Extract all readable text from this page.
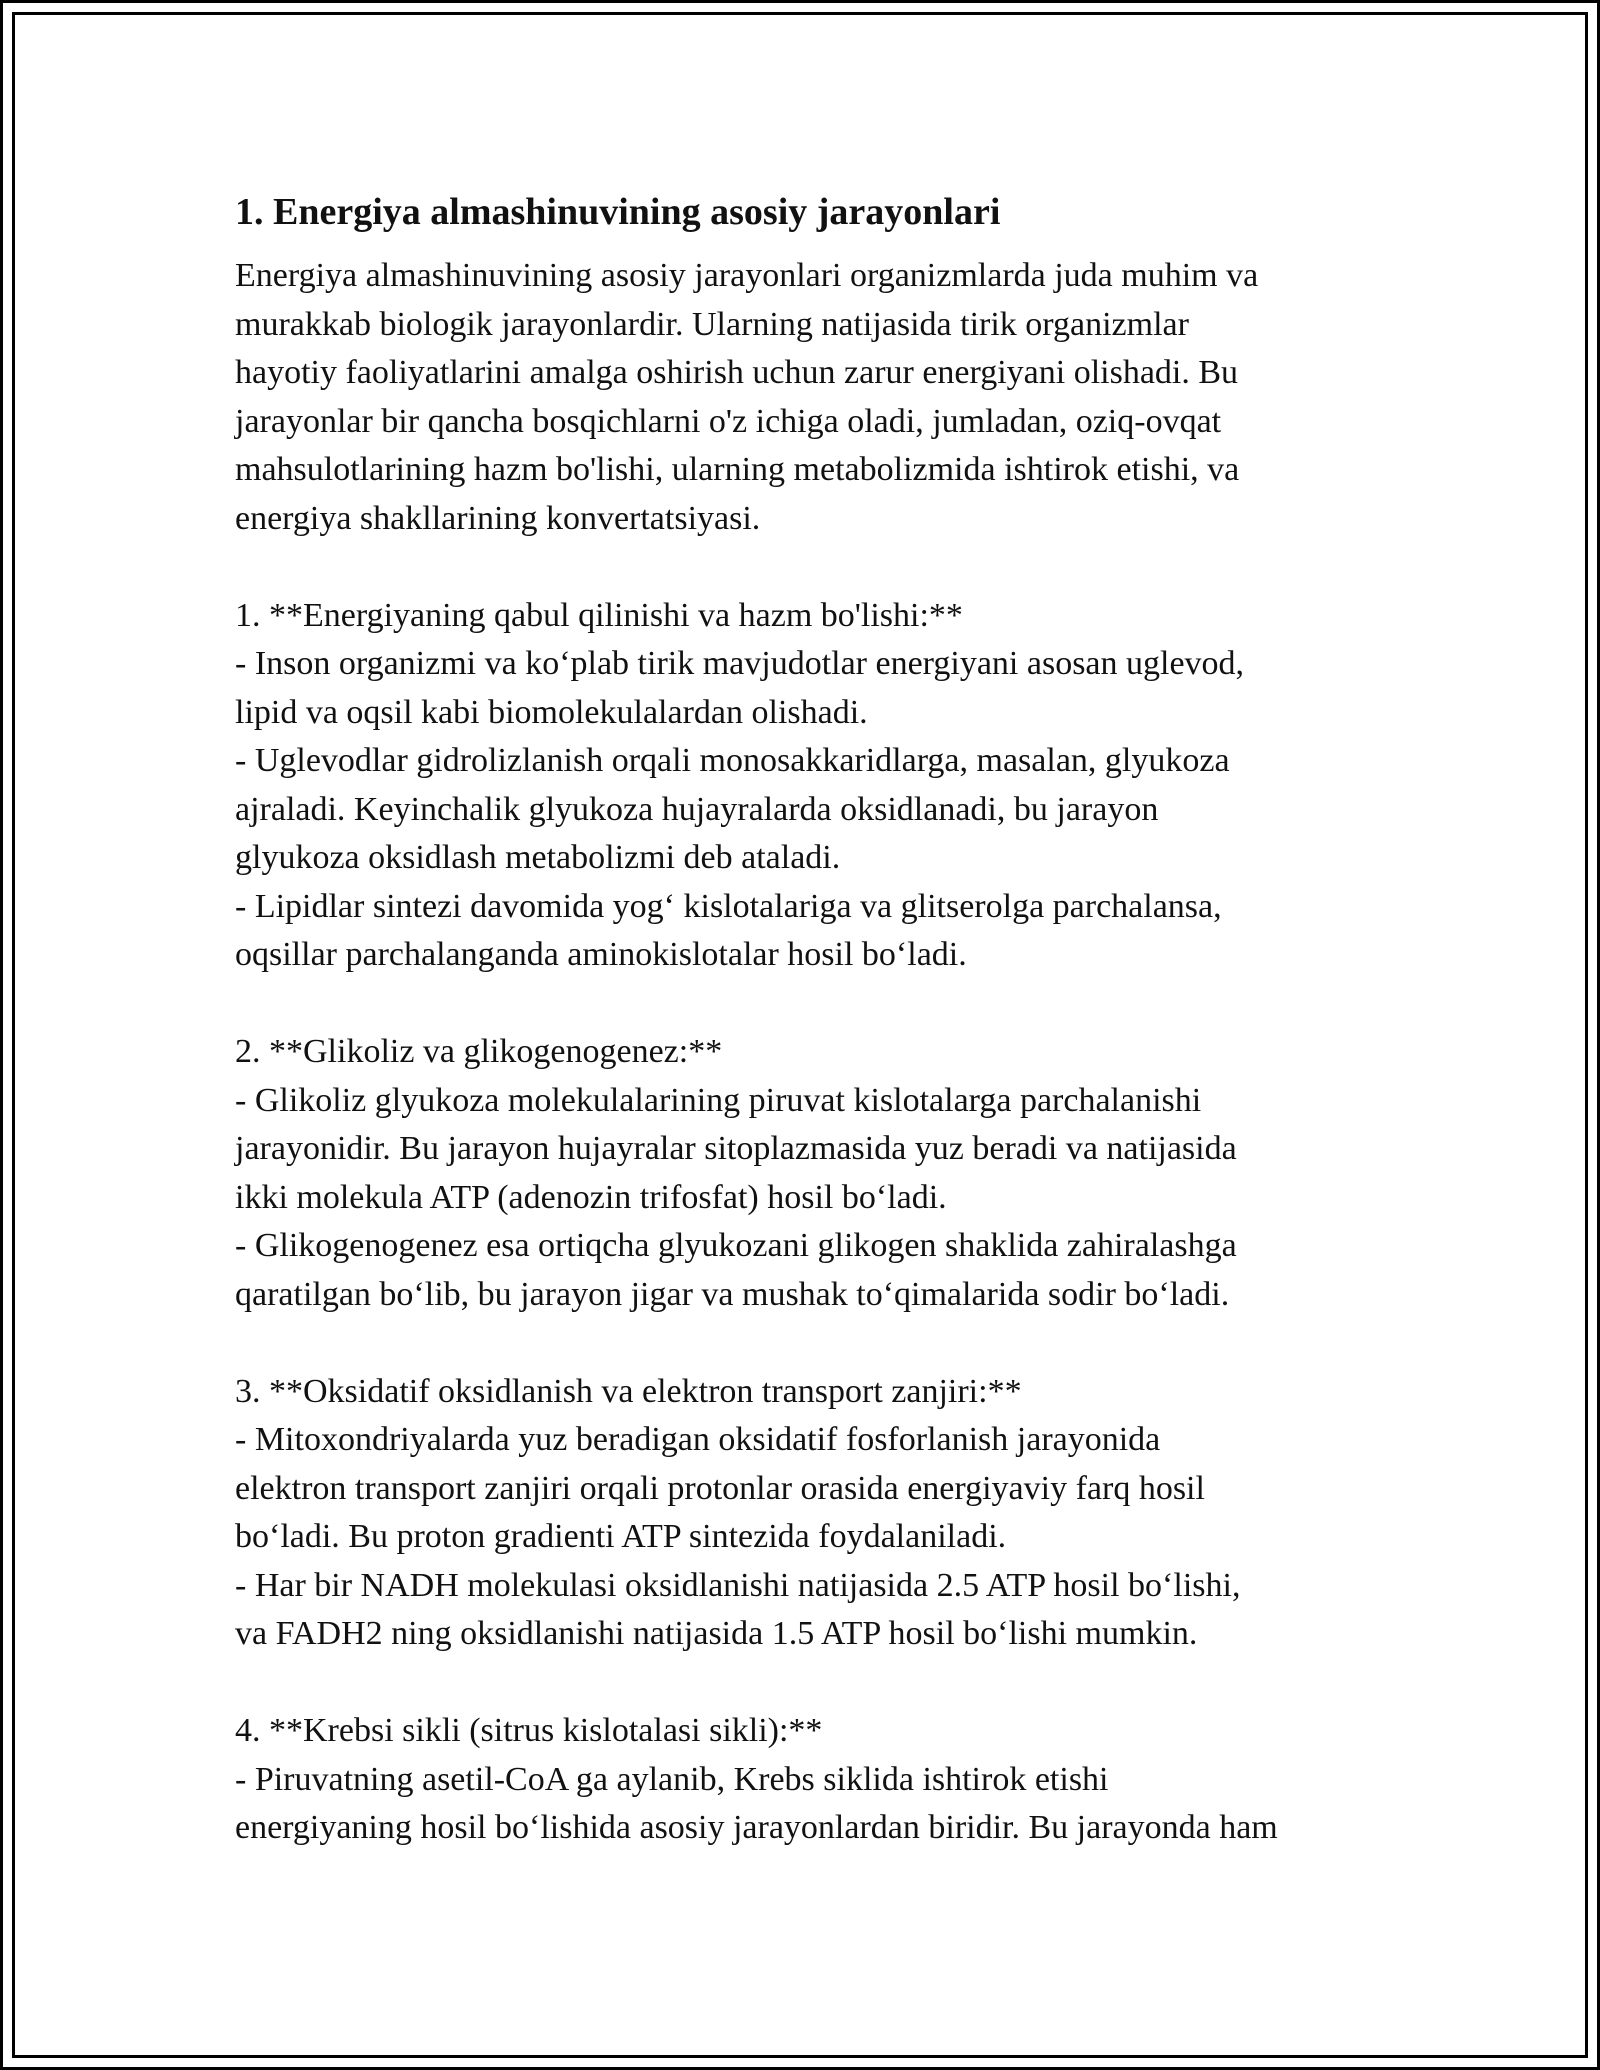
1. Energiya almashinuvining asosiy jarayonlari

Energiya almashinuvining asosiy jarayonlari organizmlarda juda muhim va
murakkab biologik jarayonlardir. Ularning natijasida tirik organizmlar
hayotiy faoliyatlarini amalga oshirish uchun zarur energiyani olishadi. Bu
jarayonlar bir qancha bosqichlarni o'z ichiga oladi, jumladan, oziq-ovqat
mahsulotlarining hazm bo'lishi, ularning metabolizmida ishtirok etishi, va
energiya shakllarining konvertatsiyasi.

1. **Energiyaning qabul qilinishi va hazm bo'lishi:**
- Inson organizmi va koʻplab tirik mavjudotlar energiyani asosan uglevod,
lipid va oqsil kabi biomolekulalardan olishadi.
- Uglevodlar gidrolizlanish orqali monosakkaridlarga, masalan, glyukoza
ajraladi. Keyinchalik glyukoza hujayralarda oksidlanadi, bu jarayon
glyukoza oksidlash metabolizmi deb ataladi.
- Lipidlar sintezi davomida yogʻ kislotalariga va glitserolga parchalansa,
oqsillar parchalanganda aminokislotalar hosil boʻladi.

2. **Glikoliz va glikogenogenez:**
- Glikoliz glyukoza molekulalarining piruvat kislotalarga parchalanishi
jarayonidir. Bu jarayon hujayralar sitoplazmasida yuz beradi va natijasida
ikki molekula ATP (adenozin trifosfat) hosil boʻladi.
- Glikogenogenez esa ortiqcha glyukozani glikogen shaklida zahiralashga
qaratilgan boʻlib, bu jarayon jigar va mushak toʻqimalarida sodir boʻladi.

3. **Oksidatif oksidlanish va elektron transport zanjiri:**
- Mitoxondriyalarda yuz beradigan oksidatif fosforlanish jarayonida
elektron transport zanjiri orqali protonlar orasida energiyaviy farq hosil
boʻladi. Bu proton gradienti ATP sintezida foydalaniladi.
- Har bir NADH molekulasi oksidlanishi natijasida 2.5 ATP hosil boʻlishi,
va FADH2 ning oksidlanishi natijasida 1.5 ATP hosil boʻlishi mumkin.

4. **Krebsi sikli (sitrus kislotalasi sikli):**
- Piruvatning asetil-CoA ga aylanib, Krebs siklida ishtirok etishi
energiyaning hosil boʻlishida asosiy jarayonlardan biridir. Bu jarayonda ham
